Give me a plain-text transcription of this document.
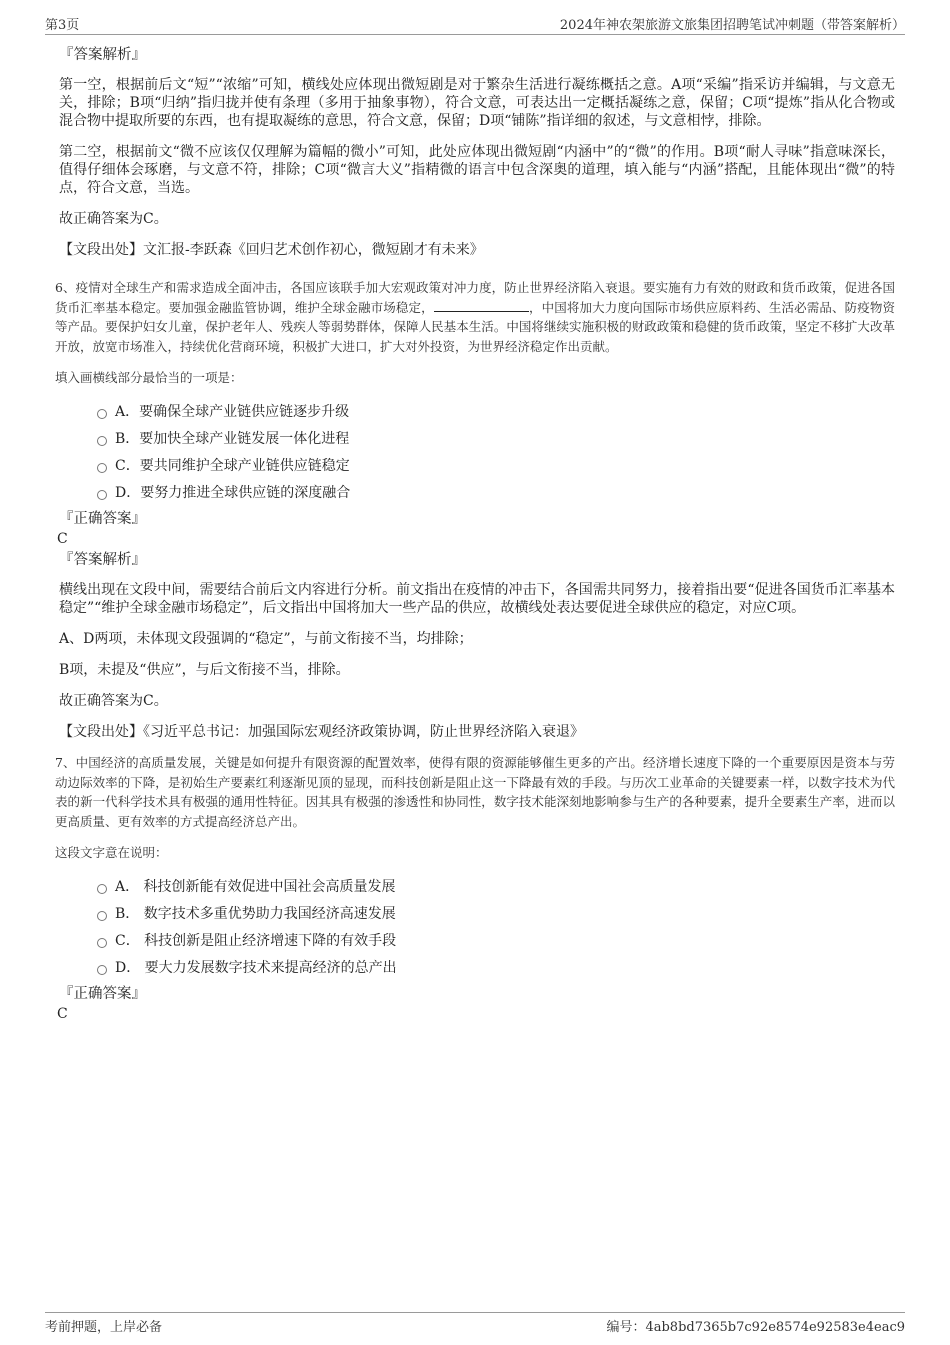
第3页	2024年神农架旅游文旅集团招聘笔试冲刺题（带答案解析）
『答案解析』

第一空，根据前后文“短”“浓缩”可知，横线处应体现出微短剧是对于繁杂生活进行凝练概括之意。A项“采编”指采访并编辑，与文意无关，排除；B项“归纳”指归拢并使有条理（多用于抽象事物），符合文意，可表达出一定概括凝练之意，保留；C项“提炼”指从化合物或混合物中提取所要的东西，也有提取凝练的意思，符合文意，保留；D项“铺陈”指详细的叙述，与文意相悖，排除。

第二空，根据前文“微不应该仅仅理解为篇幅的微小”可知，此处应体现出微短剧“内涵中”的“微”的作用。B项“耐人寻味”指意味深长，值得仔细体会琢磨，与文意不符，排除；C项“微言大义”指精微的语言中包含深奥的道理，填入能与“内涵”搭配，且能体现出“微”的特点，符合文意，当选。

故正确答案为C。

【文段出处】文汇报-李跃森《回归艺术创作初心，微短剧才有未来》

6、疫情对全球生产和需求造成全面冲击，各国应该联手加大宏观政策对冲力度，防止世界经济陷入衰退。要实施有力有效的财政和货币政策，促进各国货币汇率基本稳定。要加强金融监管协调，维护全球金融市场稳定，	，中国将加大力度向国际市场供应原料药、生活必需品、防疫物资等产品。要保护妇女儿童，保护老年人、残疾人等弱势群体，保障人民基本生活。中国将继续实施积极的财政政策和稳健的货币政策，坚定不移扩大改革开放，放宽市场准入，持续优化营商环境，积极扩大进口，扩大对外投资，为世界经济稳定作出贡献。

填入画横线部分最恰当的一项是：

A．要确保全球产业链供应链逐步升级
B．要加快全球产业链发展一体化进程
C．要共同维护全球产业链供应链稳定
D．要努力推进全球供应链的深度融合
『正确答案』
C
『答案解析』

横线出现在文段中间，需要结合前后文内容进行分析。前文指出在疫情的冲击下，各国需共同努力，接着指出要“促进各国货币汇率基本稳定”“维护全球金融市场稳定”，后文指出中国将加大一些产品的供应，故横线处表达要促进全球供应的稳定，对应C项。

A、D两项，未体现文段强调的“稳定”，与前文衔接不当，均排除；

B项，未提及“供应”，与后文衔接不当，排除。

故正确答案为C。

【文段出处】《习近平总书记：加强国际宏观经济政策协调，防止世界经济陷入衰退》

7、中国经济的高质量发展，关键是如何提升有限资源的配置效率，使得有限的资源能够催生更多的产出。经济增长速度下降的一个重要原因是资本与劳动边际效率的下降，是初始生产要素红利逐渐见顶的显现，而科技创新是阻止这一下降最有效的手段。与历次工业革命的关键要素一样，以数字技术为代表的新一代科学技术具有极强的通用性特征。因其具有极强的渗透性和协同性，数字技术能深刻地影响参与生产的各种要素，提升全要素生产率，进而以更高质量、更有效率的方式提高经济总产出。

这段文字意在说明：

A． 科技创新能有效促进中国社会高质量发展
B． 数字技术多重优势助力我国经济高速发展
C． 科技创新是阻止经济增速下降的有效手段
D． 要大力发展数字技术来提高经济的总产出
『正确答案』
C
考前押题，上岸必备	编号：4ab8bd7365b7c92e8574e92583e4eac9
